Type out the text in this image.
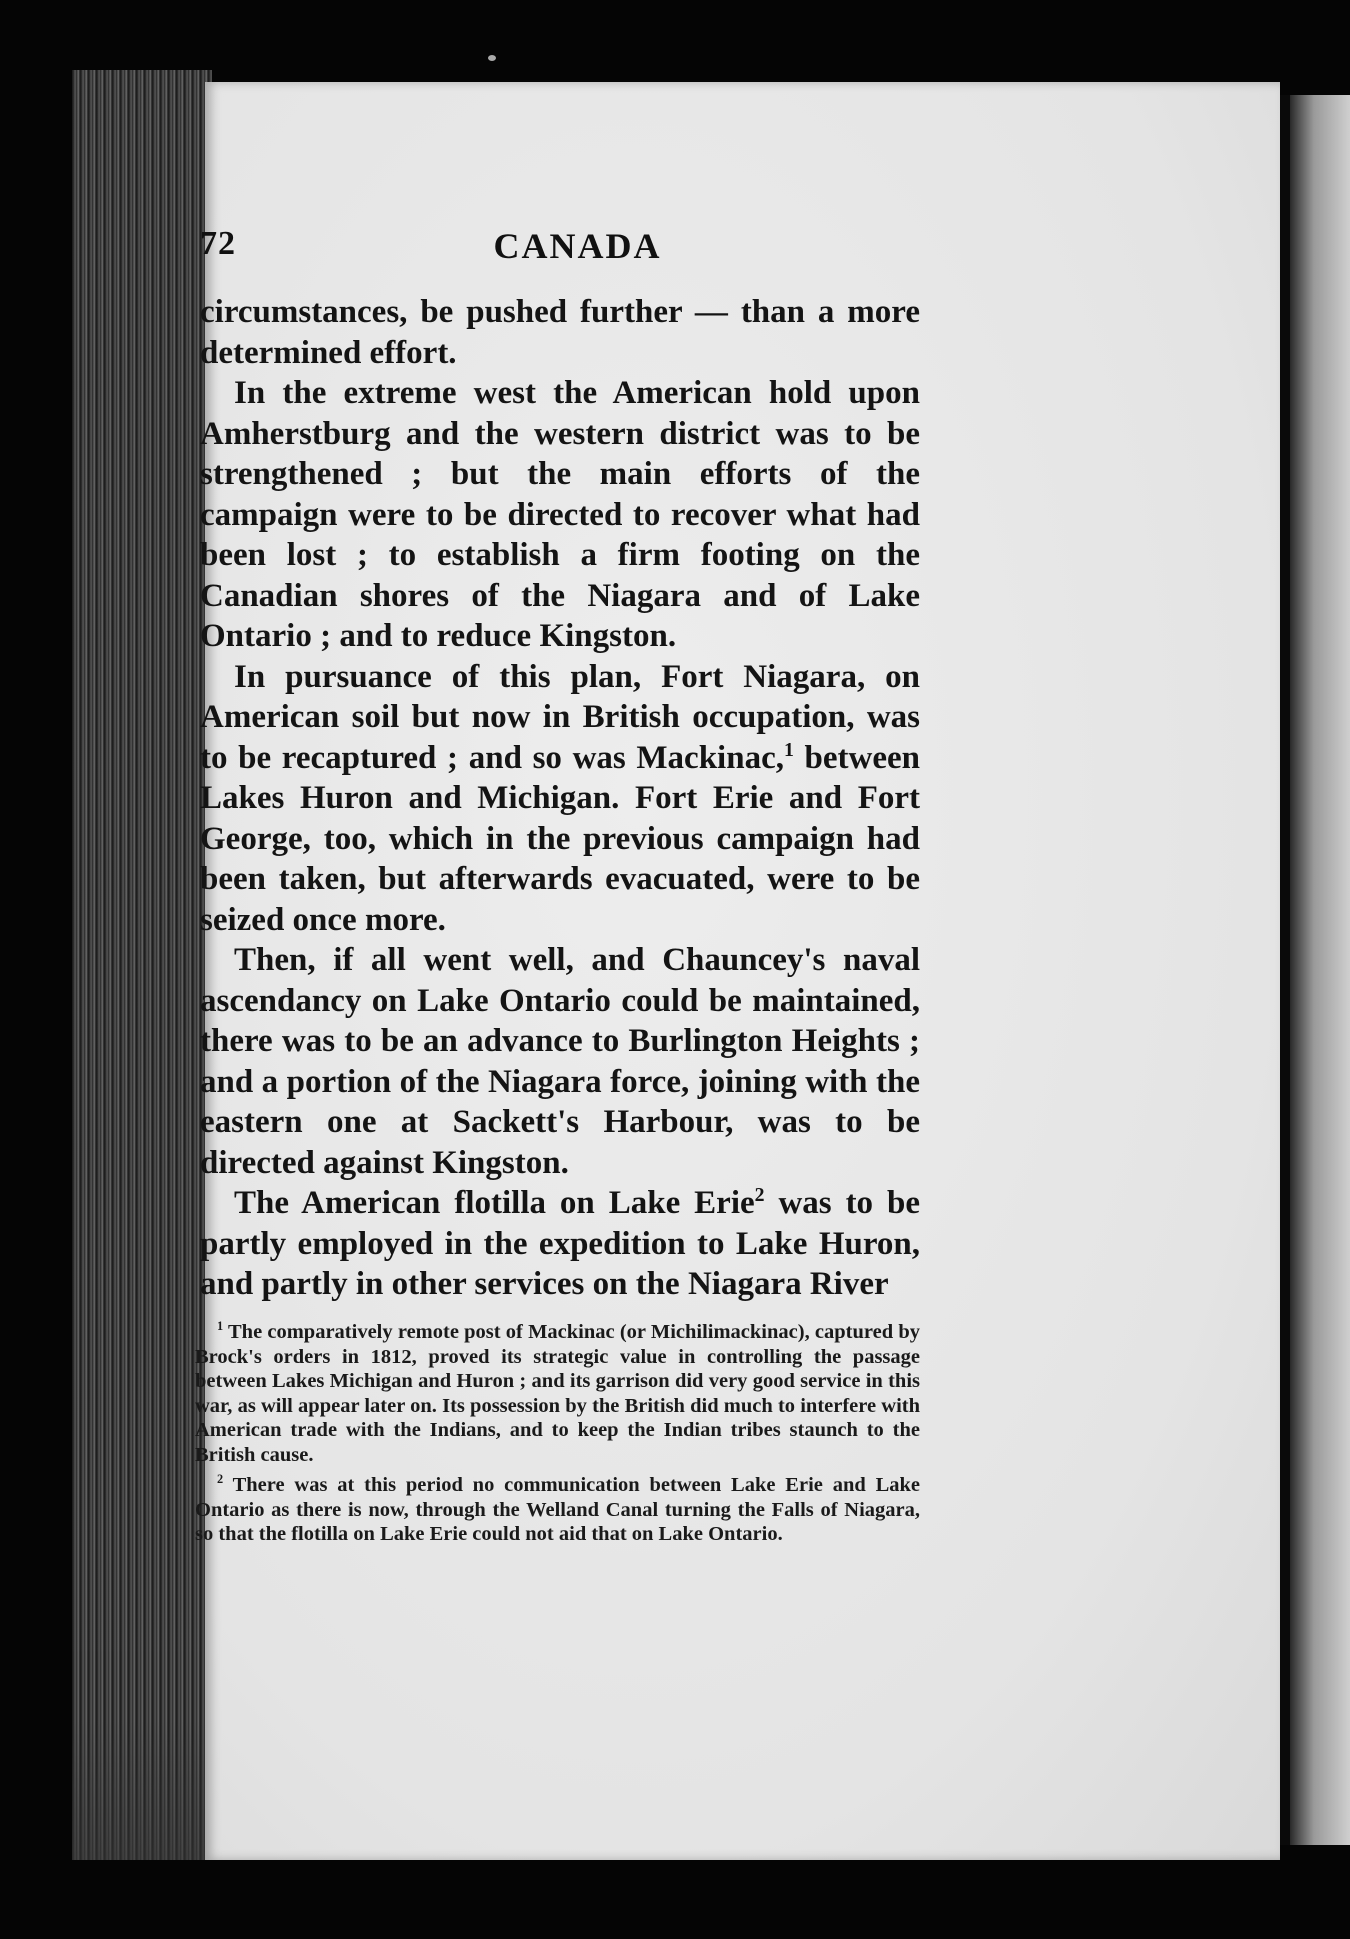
72	CANADA

circumstances, be pushed further — than a more determined effort.

In the extreme west the American hold upon Amherstburg and the western district was to be strengthened ; but the main efforts of the campaign were to be directed to recover what had been lost ; to establish a firm footing on the Canadian shores of the Niagara and of Lake Ontario ; and to reduce Kingston.

In pursuance of this plan, Fort Niagara, on American soil but now in British occupation, was to be recaptured ; and so was Mackinac,$^1$ between Lakes Huron and Michigan. Fort Erie and Fort George, too, which in the previous campaign had been taken, but afterwards evacuated, were to be seized once more.

Then, if all went well, and Chauncey's naval ascendancy on Lake Ontario could be maintained, there was to be an advance to Burlington Heights ; and a portion of the Niagara force, joining with the eastern one at Sackett's Harbour, was to be directed against Kingston.

The American flotilla on Lake Erie$^2$ was to be partly employed in the expedition to Lake Huron, and partly in other services on the Niagara River

$^1$ The comparatively remote post of Mackinac (or Michilimackinac), captured by Brock's orders in 1812, proved its strategic value in controlling the passage between Lakes Michigan and Huron ; and its garrison did very good service in this war, as will appear later on. Its possession by the British did much to interfere with American trade with the Indians, and to keep the Indian tribes staunch to the British cause.

$^2$ There was at this period no communication between Lake Erie and Lake Ontario as there is now, through the Welland Canal turning the Falls of Niagara, so that the flotilla on Lake Erie could not aid that on Lake Ontario.
